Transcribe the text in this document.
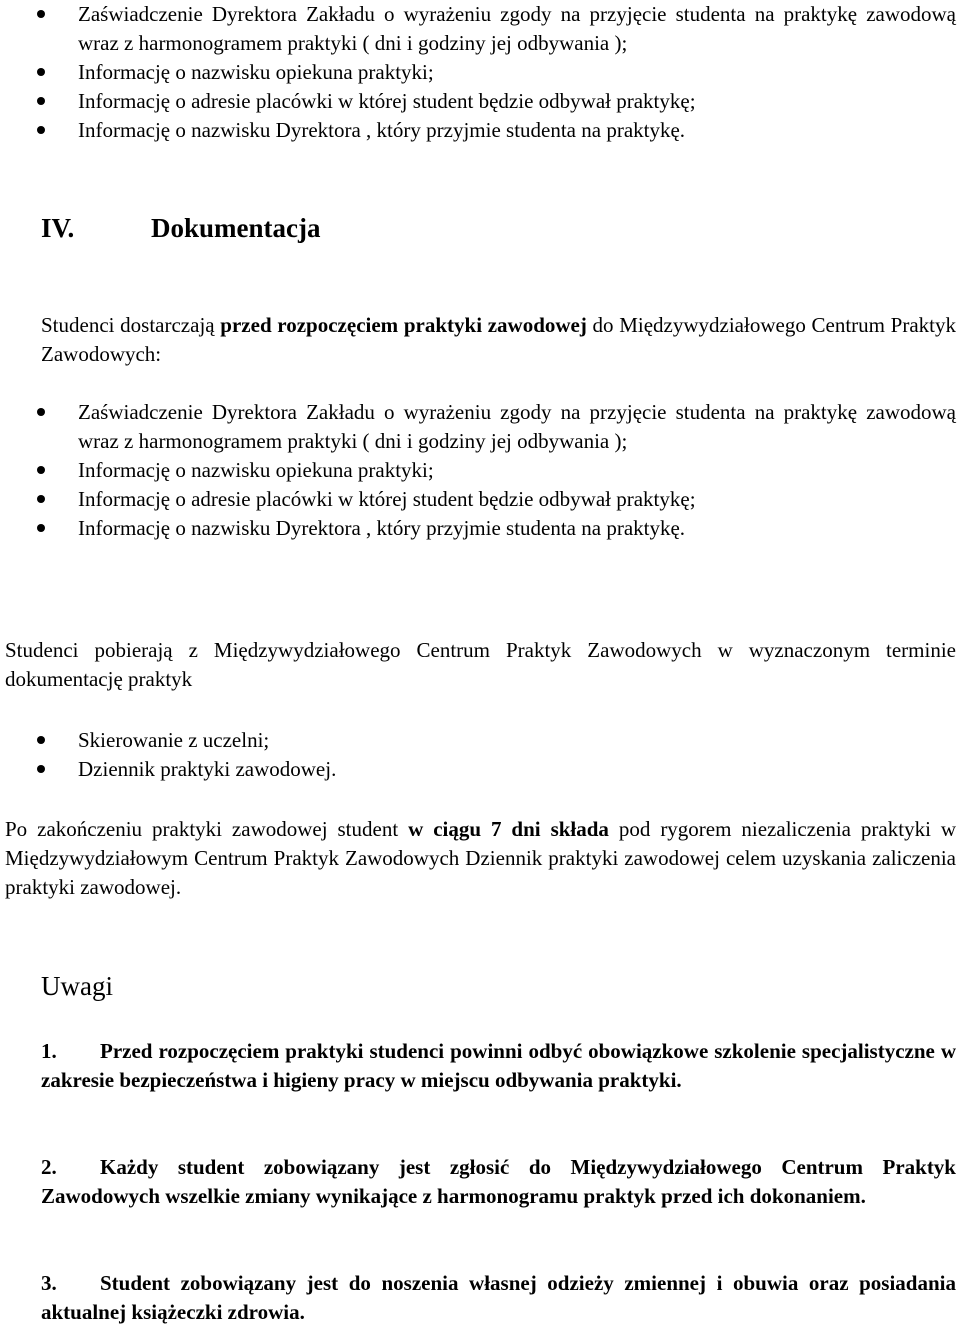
Zaświadczenie Dyrektora Zakładu o wyrażeniu zgody na przyjęcie studenta na praktykę zawodową wraz z harmonogramem praktyki ( dni i godziny jej odbywania );
Informację o nazwisku opiekuna praktyki;
Informację o adresie placówki w której student będzie odbywał praktykę;
Informację o nazwisku Dyrektora , który przyjmie studenta na praktykę.
IV.	Dokumentacja
Studenci dostarczają przed rozpoczęciem praktyki zawodowej do Międzywydziałowego Centrum Praktyk Zawodowych:
Zaświadczenie Dyrektora Zakładu o wyrażeniu zgody na przyjęcie studenta na praktykę zawodową wraz z harmonogramem praktyki ( dni i godziny jej odbywania );
Informację o nazwisku opiekuna praktyki;
Informację o adresie placówki w której student będzie odbywał praktykę;
Informację o nazwisku Dyrektora , który przyjmie studenta na praktykę.
Studenci pobierają z Międzywydziałowego Centrum Praktyk Zawodowych w wyznaczonym terminie dokumentację praktyk
Skierowanie z uczelni;
Dziennik praktyki zawodowej.
Po zakończeniu praktyki zawodowej student w ciągu 7 dni składa pod rygorem niezaliczenia praktyki w Międzywydziałowym Centrum Praktyk Zawodowych Dziennik praktyki zawodowej celem uzyskania zaliczenia praktyki zawodowej.
Uwagi
1. Przed rozpoczęciem praktyki studenci powinni odbyć obowiązkowe szkolenie specjalistyczne w zakresie bezpieczeństwa i higieny pracy w miejscu odbywania praktyki.
2. Każdy student zobowiązany jest zgłosić do Międzywydziałowego Centrum Praktyk Zawodowych wszelkie zmiany wynikające z harmonogramu praktyk przed ich dokonaniem.
3. Student zobowiązany jest do noszenia własnej odzieży zmiennej i obuwia oraz posiadania aktualnej książeczki zdrowia.
